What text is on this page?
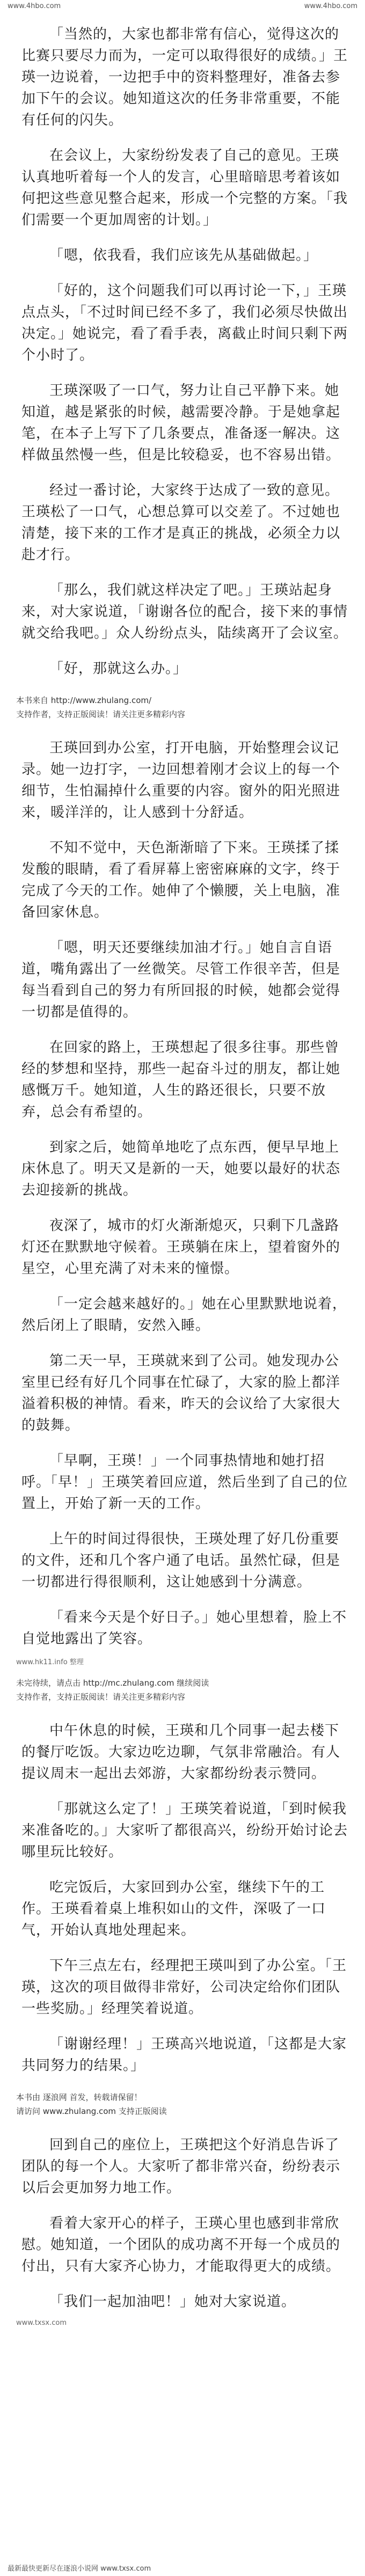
www.4hbo.com	www.4hbo.com

「当然的，大家也都非常有信心，觉得这次的比赛只要尽力而为，一定可以取得很好的成绩。」王瑛一边说着，一边把手中的资料整理好，准备去参加下午的会议。她知道这次的任务非常重要，不能有任何的闪失。

在会议上，大家纷纷发表了自己的意见。王瑛认真地听着每一个人的发言，心里暗暗思考着该如何把这些意见整合起来，形成一个完整的方案。「我们需要一个更加周密的计划。」

「嗯，依我看，我们应该先从基础做起。」

「好的，这个问题我们可以再讨论一下，」王瑛点点头，「不过时间已经不多了，我们必须尽快做出决定。」她说完，看了看手表，离截止时间只剩下两个小时了。

王瑛深吸了一口气，努力让自己平静下来。她知道，越是紧张的时候，越需要冷静。于是她拿起笔，在本子上写下了几条要点，准备逐一解决。这样做虽然慢一些，但是比较稳妥，也不容易出错。

经过一番讨论，大家终于达成了一致的意见。王瑛松了一口气，心想总算可以交差了。不过她也清楚，接下来的工作才是真正的挑战，必须全力以赴才行。

「那么，我们就这样决定了吧。」王瑛站起身来，对大家说道，「谢谢各位的配合，接下来的事情就交给我吧。」众人纷纷点头，陆续离开了会议室。

「好，那就这么办。」

本书来自 http://www.zhulang.com/
支持作者，支持正版阅读！请关注更多精彩内容

王瑛回到办公室，打开电脑，开始整理会议记录。她一边打字，一边回想着刚才会议上的每一个细节，生怕漏掉什么重要的内容。窗外的阳光照进来，暖洋洋的，让人感到十分舒适。

不知不觉中，天色渐渐暗了下来。王瑛揉了揉发酸的眼睛，看了看屏幕上密密麻麻的文字，终于完成了今天的工作。她伸了个懒腰，关上电脑，准备回家休息。

「嗯，明天还要继续加油才行。」她自言自语道，嘴角露出了一丝微笑。尽管工作很辛苦，但是每当看到自己的努力有所回报的时候，她都会觉得一切都是值得的。

在回家的路上，王瑛想起了很多往事。那些曾经的梦想和坚持，那些一起奋斗过的朋友，都让她感慨万千。她知道，人生的路还很长，只要不放弃，总会有希望的。

到家之后，她简单地吃了点东西，便早早地上床休息了。明天又是新的一天，她要以最好的状态去迎接新的挑战。

夜深了，城市的灯火渐渐熄灭，只剩下几盏路灯还在默默地守候着。王瑛躺在床上，望着窗外的星空，心里充满了对未来的憧憬。

「一定会越来越好的。」她在心里默默地说着，然后闭上了眼睛，安然入睡。

第二天一早，王瑛就来到了公司。她发现办公室里已经有好几个同事在忙碌了，大家的脸上都洋溢着积极的神情。看来，昨天的会议给了大家很大的鼓舞。

「早啊，王瑛！」一个同事热情地和她打招呼。「早！」王瑛笑着回应道，然后坐到了自己的位置上，开始了新一天的工作。

上午的时间过得很快，王瑛处理了好几份重要的文件，还和几个客户通了电话。虽然忙碌，但是一切都进行得很顺利，这让她感到十分满意。

「看来今天是个好日子。」她心里想着，脸上不自觉地露出了笑容。

www.hk11.info 整理
未完待续，请点击 http://mc.zhulang.com 继续阅读
支持作者，支持正版阅读！请关注更多精彩内容

中午休息的时候，王瑛和几个同事一起去楼下的餐厅吃饭。大家边吃边聊，气氛非常融洽。有人提议周末一起出去郊游，大家都纷纷表示赞同。

「那就这么定了！」王瑛笑着说道，「到时候我来准备吃的。」大家听了都很高兴，纷纷开始讨论去哪里玩比较好。

吃完饭后，大家回到办公室，继续下午的工作。王瑛看着桌上堆积如山的文件，深吸了一口气，开始认真地处理起来。

下午三点左右，经理把王瑛叫到了办公室。「王瑛，这次的项目做得非常好，公司决定给你们团队一些奖励。」经理笑着说道。

「谢谢经理！」王瑛高兴地说道，「这都是大家共同努力的结果。」

本书由 逐浪网 首发，转载请保留！
请访问 www.zhulang.com 支持正版阅读

回到自己的座位上，王瑛把这个好消息告诉了团队的每一个人。大家听了都非常兴奋，纷纷表示以后会更加努力地工作。

看着大家开心的样子，王瑛心里也感到非常欣慰。她知道，一个团队的成功离不开每一个成员的付出，只有大家齐心协力，才能取得更大的成绩。

「我们一起加油吧！」她对大家说道。

www.txsx.com
最新最快更新尽在逐浪小说网 www.txsx.com
